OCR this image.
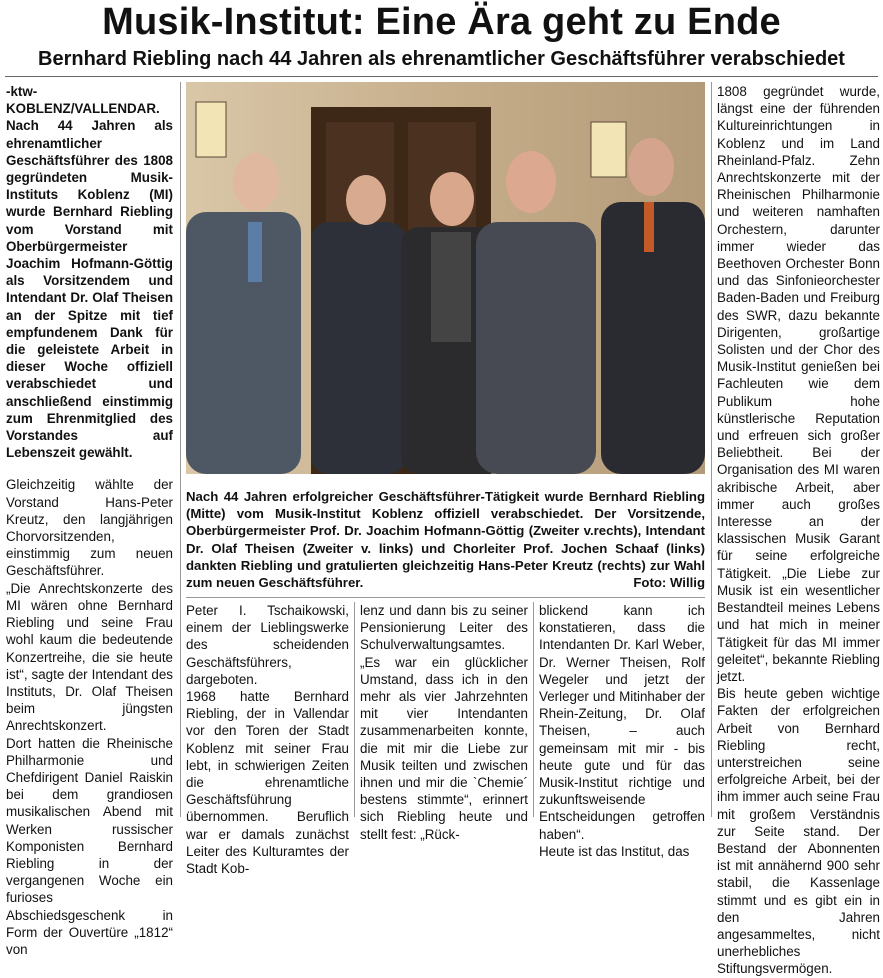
Musik-Institut: Eine Ära geht zu Ende
Bernhard Riebling nach 44 Jahren als ehrenamtlicher Geschäftsführer verabschiedet

-ktw- KOBLENZ/VALLENDAR. Nach 44 Jahren als ehrenamtlicher Geschäftsführer des 1808 gegründeten Musik-Instituts Koblenz (MI) wurde Bernhard Riebling vom Vorstand mit Oberbürgermeister Joachim Hofmann-Göttig als Vorsitzendem und Intendant Dr. Olaf Theisen an der Spitze mit tief empfundenem Dank für die geleistete Arbeit in dieser Woche offiziell verabschiedet und anschließend einstimmig zum Ehrenmitglied des Vorstandes auf Lebenszeit gewählt.

Gleichzeitig wählte der Vorstand Hans-Peter Kreutz, den langjährigen Chorvorsitzenden, einstimmig zum neuen Geschäftsführer.

„Die Anrechtskonzerte des MI wären ohne Bernhard Riebling und seine Frau wohl kaum die bedeutende Konzertreihe, die sie heute ist“, sagte der Intendant des Instituts, Dr. Olaf Theisen beim jüngsten Anrechtskonzert.

Dort hatten die Rheinische Philharmonie und Chefdirigent Daniel Raiskin bei dem grandiosen musikalischen Abend mit Werken russischer Komponisten Bernhard Riebling in der vergangenen Woche ein furioses Abschiedsgeschenk in Form der Ouvertüre „1812“ von

Nach 44 Jahren erfolgreicher Geschäftsführer-Tätigkeit wurde Bernhard Riebling (Mitte) vom Musik-Institut Koblenz offiziell verabschiedet. Der Vorsitzende, Oberbürgermeister Prof. Dr. Joachim Hofmann-Göttig (Zweiter v.rechts), Intendant Dr. Olaf Theisen (Zweiter v. links) und Chorleiter Prof. Jochen Schaaf (links) dankten Riebling und gratulierten gleichzeitig Hans-Peter Kreutz (rechts) zur Wahl zum neuen Geschäftsführer.	Foto: Willig

Peter I. Tschaikowski, einem der Lieblingswerke des scheidenden Geschäftsführers, dargeboten.

1968 hatte Bernhard Riebling, der in Vallendar vor den Toren der Stadt Koblenz mit seiner Frau lebt, in schwierigen Zeiten die ehrenamtliche Geschäftsführung übernommen. Beruflich war er damals zunächst Leiter des Kulturamtes der Stadt Kob-

lenz und dann bis zu seiner Pensionierung Leiter des Schulverwaltungsamtes.

„Es war ein glücklicher Umstand, dass ich in den mehr als vier Jahrzehnten mit vier Intendanten zusammenarbeiten konnte, die mit mir die Liebe zur Musik teilten und zwischen ihnen und mir die `Chemie´ bestens stimmte“, erinnert sich Riebling heute und stellt fest: „Rück-

blickend kann ich konstatieren, dass die Intendanten Dr. Karl Weber, Dr. Werner Theisen, Rolf Wegeler und jetzt der Verleger und Mitinhaber der Rhein-Zeitung, Dr. Olaf Theisen, – auch gemeinsam mit mir - bis heute gute und für das Musik-Institut richtige und zukunftsweisende Entscheidungen getroffen haben“.

Heute ist das Institut, das

1808 gegründet wurde, längst eine der führenden Kultureinrichtungen in Koblenz und im Land Rheinland-Pfalz. Zehn Anrechtskonzerte mit der Rheinischen Philharmonie und weiteren namhaften Orchestern, darunter immer wieder das Beethoven Orchester Bonn und das Sinfonieorchester Baden-Baden und Freiburg des SWR, dazu bekannte Dirigenten, großartige Solisten und der Chor des Musik-Institut genießen bei Fachleuten wie dem Publikum hohe künstlerische Reputation und erfreuen sich großer Beliebtheit. Bei der Organisation des MI waren akribische Arbeit, aber immer auch großes Interesse an der klassischen Musik Garant für seine erfolgreiche Tätigkeit. „Die Liebe zur Musik ist ein wesentlicher Bestandteil meines Lebens und hat mich in meiner Tätigkeit für das MI immer geleitet“, bekannte Riebling jetzt.

Bis heute geben wichtige Fakten der erfolgreichen Arbeit von Bernhard Riebling recht, unterstreichen seine erfolgreiche Arbeit, bei der ihm immer auch seine Frau mit großem Verständnis zur Seite stand. Der Bestand der Abonnenten ist mit annähernd 900 sehr stabil, die Kassenlage stimmt und es gibt ein in den Jahren angesammeltes, nicht unerhebliches Stiftungsvermögen.
